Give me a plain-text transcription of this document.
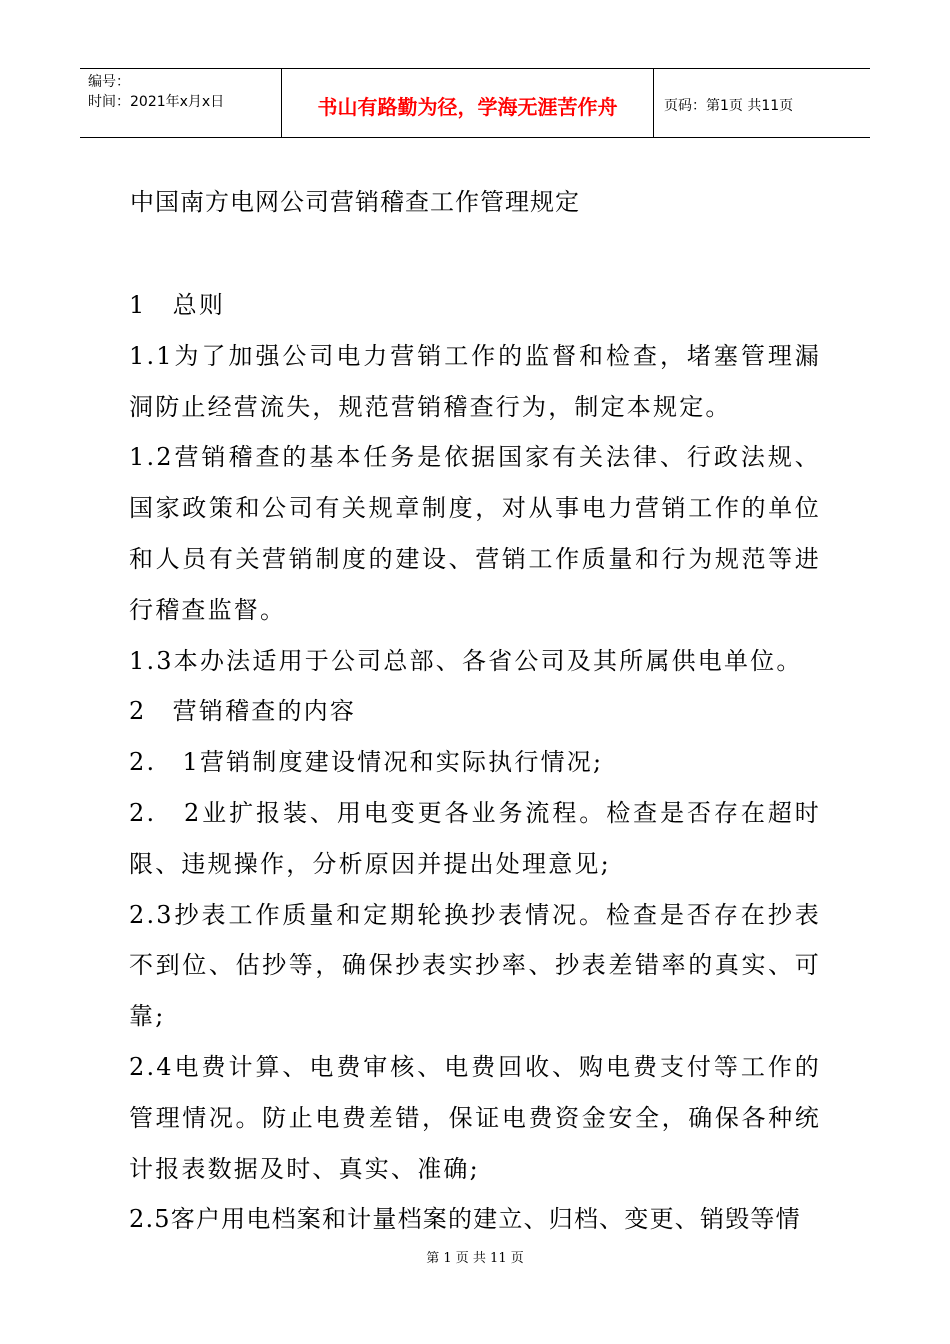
编号：
时间：2021年x月x日	书山有路勤为径，学海无涯苦作舟	页码：第1页 共11页
中国南方电网公司营销稽查工作管理规定

1　总则

1.1为了加强公司电力营销工作的监督和检查，堵塞管理漏洞防止经营流失，规范营销稽查行为，制定本规定。

1.2营销稽查的基本任务是依据国家有关法律、行政法规、国家政策和公司有关规章制度，对从事电力营销工作的单位和人员有关营销制度的建设、营销工作质量和行为规范等进行稽查监督。

1.3本办法适用于公司总部、各省公司及其所属供电单位。

2　营销稽查的内容

2.　1营销制度建设情况和实际执行情况;

2.　2业扩报装、用电变更各业务流程。检查是否存在超时限、违规操作，分析原因并提出处理意见;

2.3抄表工作质量和定期轮换抄表情况。检查是否存在抄表不到位、估抄等，确保抄表实抄率、抄表差错率的真实、可靠;

2.4电费计算、电费审核、电费回收、购电费支付等工作的管理情况。防止电费差错，保证电费资金安全，确保各种统计报表数据及时、真实、准确;

2.5客户用电档案和计量档案的建立、归档、变更、销毁等情

第 1 页 共 11 页
